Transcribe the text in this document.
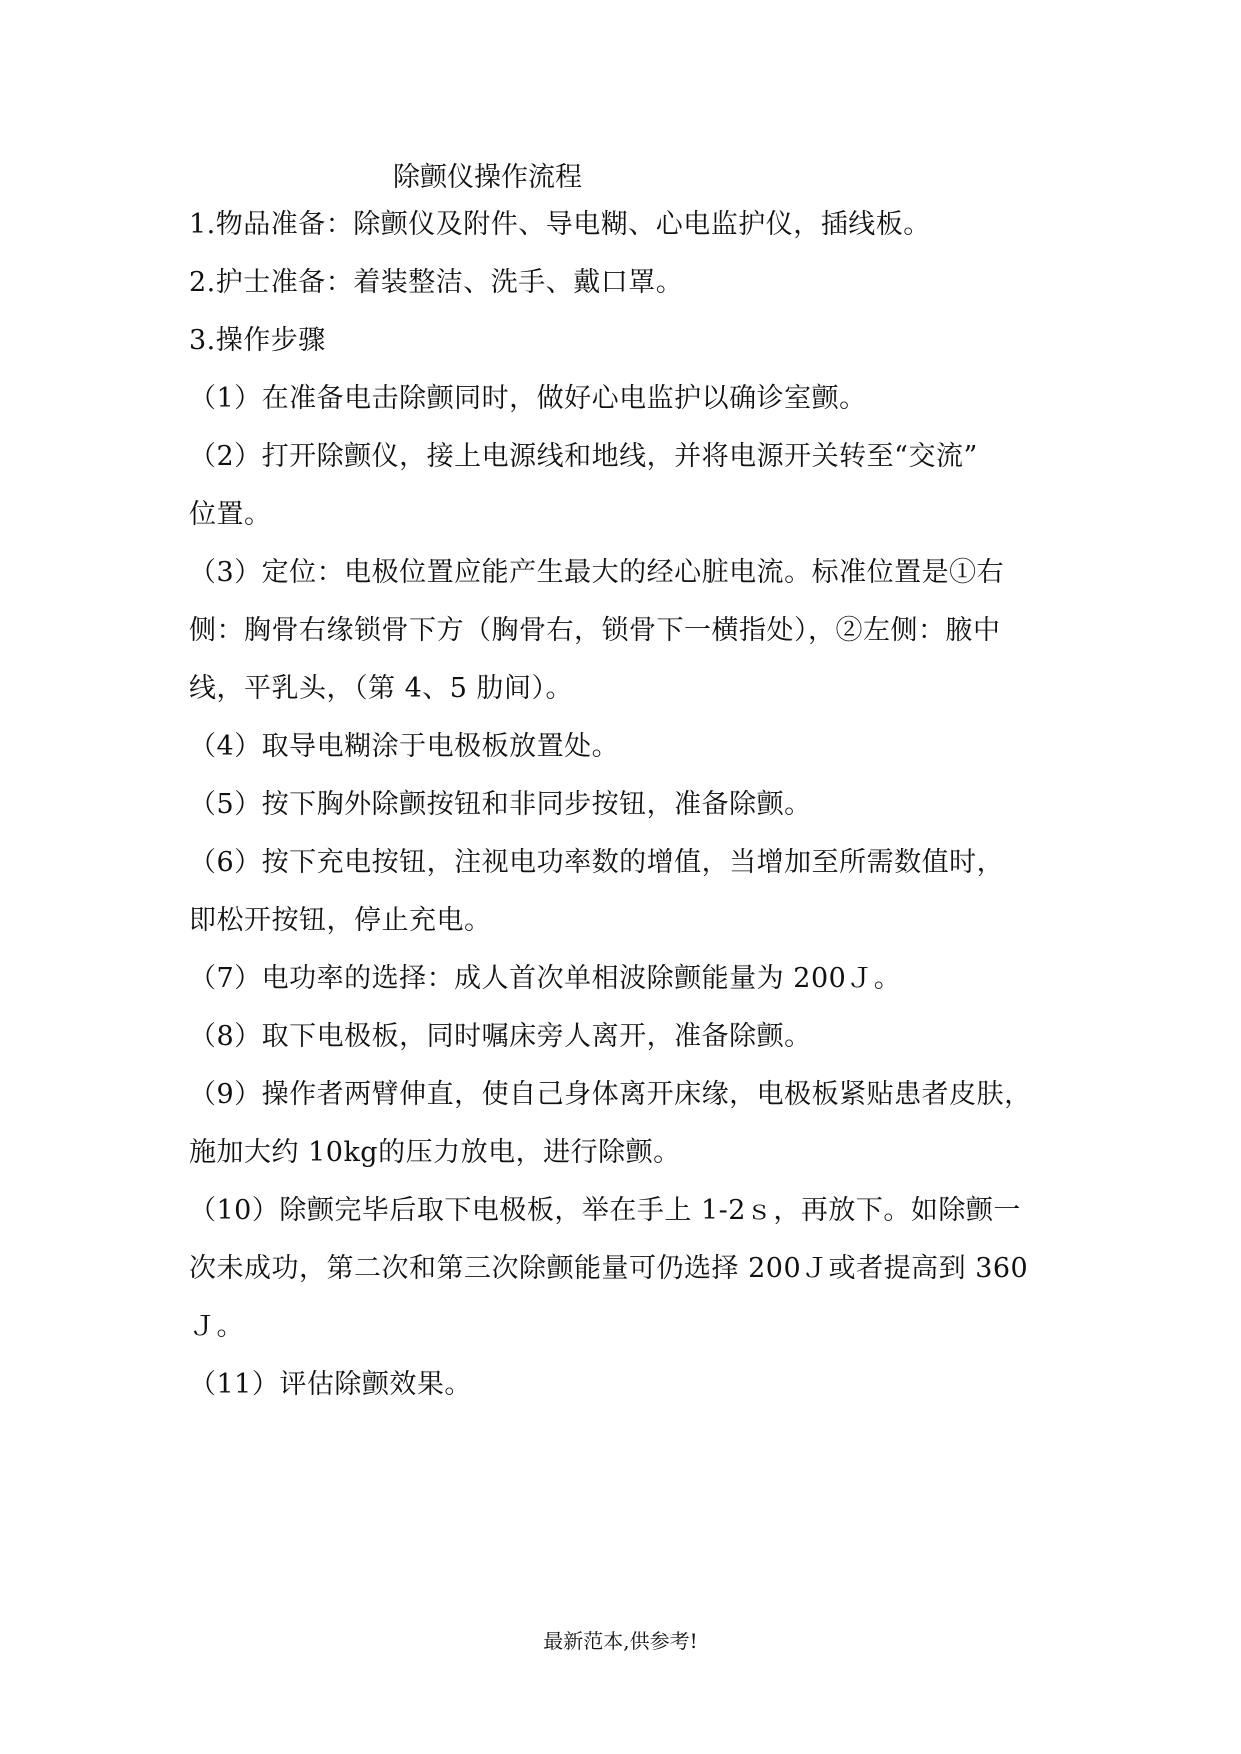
除颤仪操作流程
1.物品准备：除颤仪及附件、导电糊、心电监护仪，插线板。
2.护士准备：着装整洁、洗手、戴口罩。
3.操作步骤
（1）在准备电击除颤同时，做好心电监护以确诊室颤。
（2）打开除颤仪，接上电源线和地线，并将电源开关转至“交流”
位置。
（3）定位：电极位置应能产生最大的经心脏电流。标准位置是①右
侧：胸骨右缘锁骨下方（胸骨右，锁骨下一横指处），②左侧：腋中
线，平乳头，（第 4、5 肋间）。
（4）取导电糊涂于电极板放置处。
（5）按下胸外除颤按钮和非同步按钮，准备除颤。
（6）按下充电按钮，注视电功率数的增值，当增加至所需数值时，
即松开按钮，停止充电。
（7）电功率的选择：成人首次单相波除颤能量为 200Ｊ。
（8）取下电极板，同时嘱床旁人离开，准备除颤。
（9）操作者两臂伸直，使自己身体离开床缘，电极板紧贴患者皮肤，
施加大约 10kg的压力放电，进行除颤。
（10）除颤完毕后取下电极板，举在手上 1-2ｓ，再放下。如除颤一
次未成功，第二次和第三次除颤能量可仍选择 200Ｊ或者提高到 360
Ｊ。
（11）评估除颤效果。
最新范本,供参考!
